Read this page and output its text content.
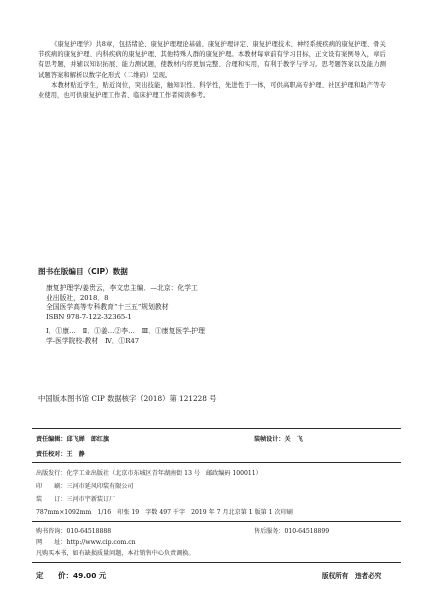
《康复护理学》共8章，包括绪论、康复护理理论基础、康复护理评定、康复护理技术、神经系统疾病的康复护理、骨关节疾病的康复护理、内科疾病的康复护理、其他特殊人群的康复护理。本教材每章前有学习目标，正文设有案例导入，章后有思考题，并辅以知识拓展、能力测试题，使教材内容更加完整、合理和实用，有利于教学与学习。思考题答案以及能力测试题答案和解析以数字化形式（二维码）呈现。

本教材贴近学生，贴近岗位，突出技能，触知识性、科学性，先进性于一体，可供高职高专护理、社区护理和助产等专业使用，也可供康复护理工作者、临床护理工作者阅读参考。

图书在版编目（CIP）数据
康复护理学/姜贵云，李文忠主编．—北京：化学工
业出版社，2018．8
全国医学高等专科教育“十三五”规划教材
ISBN 978-7-122-32365-1
Ⅰ．①康…　Ⅱ．①姜…②李…　Ⅲ．①康复医学-护理
学-医学院校-教材　Ⅳ．①R47
中国版本图书馆 CIP 数据核字（2018）第 121228 号
责任编辑：邱飞婵　郎红旗	装帧设计：关　飞
责任校对：王　静
出版发行：化学工业出版社（北京市东城区青年湖南街 13 号　邮政编码 100011）
印　　刷：三河市延风印装有限公司
装　　订：三河市宇新装订厂
787mm×1092mm　1/16　印张 19　字数 497 千字　2019 年 7 月北京第 1 版第 1 次印刷
购书咨询：010-64518888	售后服务：010-64518899
网　　址：http://www.cip.com.cn
凡购买本书，如有缺损质量问题，本社销售中心负责调换。
定　　价：49.00 元	版权所有　违者必究
